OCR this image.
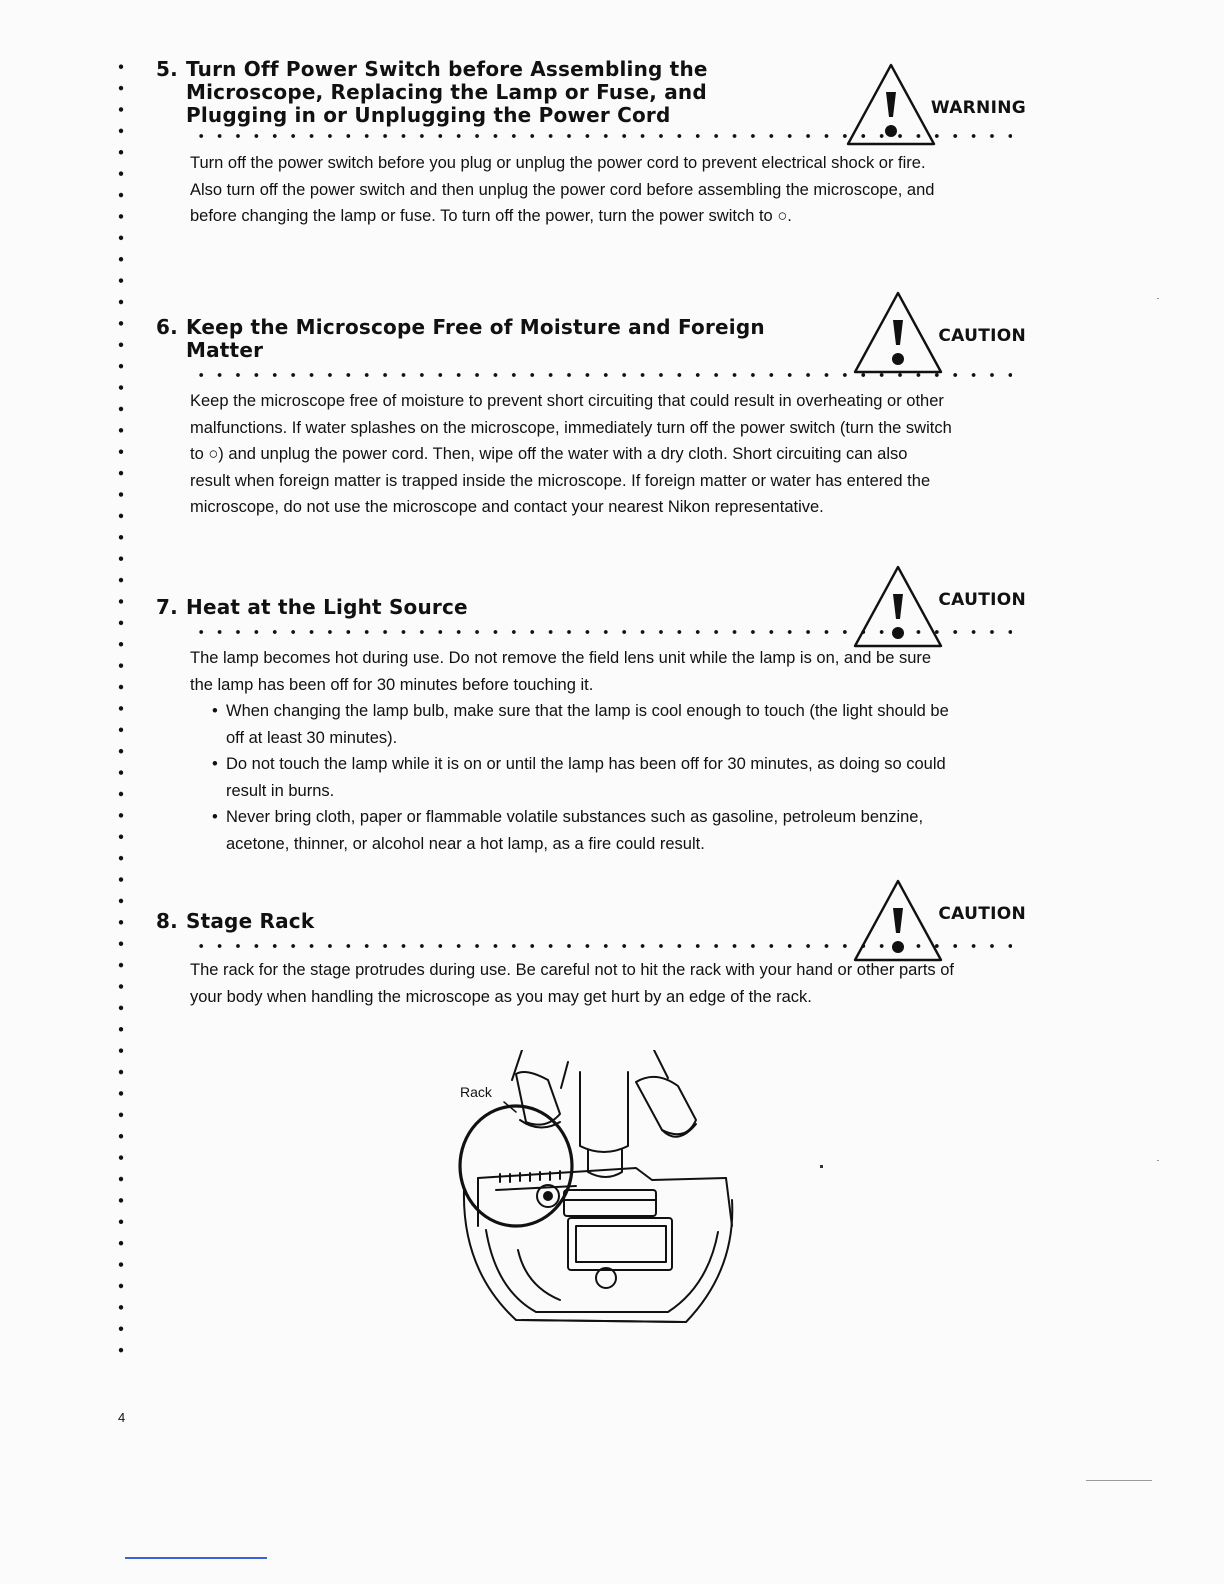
5. Turn Off Power Switch before Assembling the
Microscope, Replacing the Lamp or Fuse, and
Plugging in or Unplugging the Power Cord	WARNING

Turn off the power switch before you plug or unplug the power cord to prevent electrical shock or fire.

Also turn off the power switch and then unplug the power cord before assembling the microscope, and

before changing the lamp or fuse. To turn off the power, turn the power switch to ○.

6. Keep the Microscope Free of Moisture and Foreign
Matter
CAUTION

Keep the microscope free of moisture to prevent short circuiting that could result in overheating or other

malfunctions. If water splashes on the microscope, immediately turn off the power switch (turn the switch

to ○) and unplug the power cord. Then, wipe off the water with a dry cloth. Short circuiting can also

result when foreign matter is trapped inside the microscope. If foreign matter or water has entered the

microscope, do not use the microscope and contact your nearest Nikon representative.

7. Heat at the Light Source	CAUTION

The lamp becomes hot during use. Do not remove the field lens unit while the lamp is on, and be sure

the lamp has been off for 30 minutes before touching it.

• When changing the lamp bulb, make sure that the lamp is cool enough to touch (the light should be
off at least 30 minutes).
• Do not touch the lamp while it is on or until the lamp has been off for 30 minutes, as doing so could
result in burns.
• Never bring cloth, paper or flammable volatile substances such as gasoline, petroleum benzine,
acetone, thinner, or alcohol near a hot lamp, as a fire could result.
8. Stage Rack	CAUTION

The rack for the stage protrudes during use. Be careful not to hit the rack with your hand or other parts of

your body when handling the microscope as you may get hurt by an edge of the rack.

Rack
4
